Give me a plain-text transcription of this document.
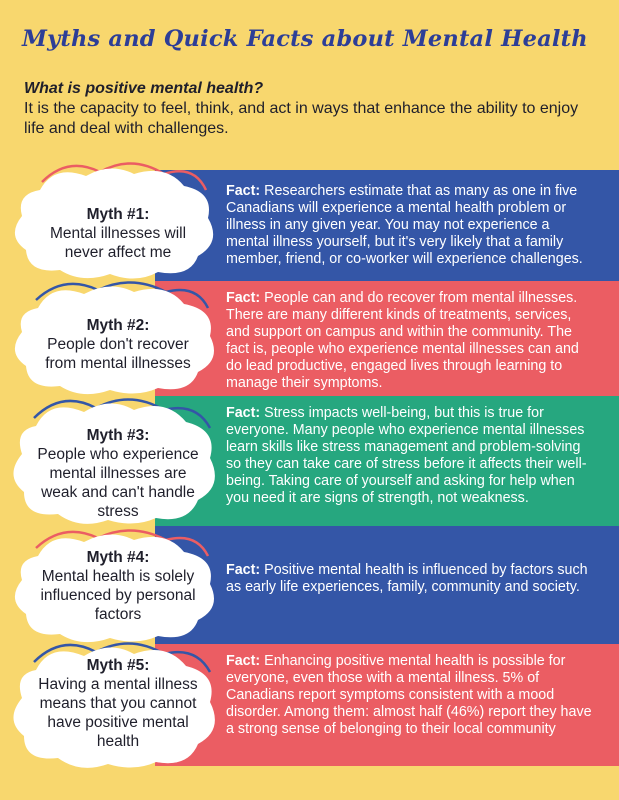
Myths and Quick Facts about Mental Health
What is positive mental health?
It is the capacity to feel, think, and act in ways that enhance the ability to enjoy life and deal with challenges.

Fact: Researchers estimate that as many as one in five Canadians will experience a mental health problem or illness in any given year. You may not experience a mental illness yourself, but it's very likely that a family member, friend, or co-worker will experience challenges.

Fact: People can and do recover from mental illnesses. There are many different kinds of treatments, services, and support on campus and within the community. The fact is, people who experience mental illnesses can and do lead productive, engaged lives through learning to manage their symptoms.

Fact: Stress impacts well-being, but this is true for everyone. Many people who experience mental illnesses learn skills like stress management and problem-solving so they can take care of stress before it affects their well-being. Taking care of yourself and asking for help when you need it are signs of strength, not weakness.

Fact: Positive mental health is influenced by factors such as early life experiences, family, community and society.

Fact: Enhancing positive mental health is possible for everyone, even those with a mental illness. 5% of Canadians report symptoms consistent with a mood disorder. Among them: almost half (46%) report they have a strong sense of belonging to their local community

Myth #1:
Mental illnesses will never affect me
Myth #2:
People don't recover from mental illnesses
Myth #3:
People who experience mental illnesses are weak and can't handle stress
Myth #4:
Mental health is solely influenced by personal factors
Myth #5:
Having a mental illness means that you cannot have positive mental health
